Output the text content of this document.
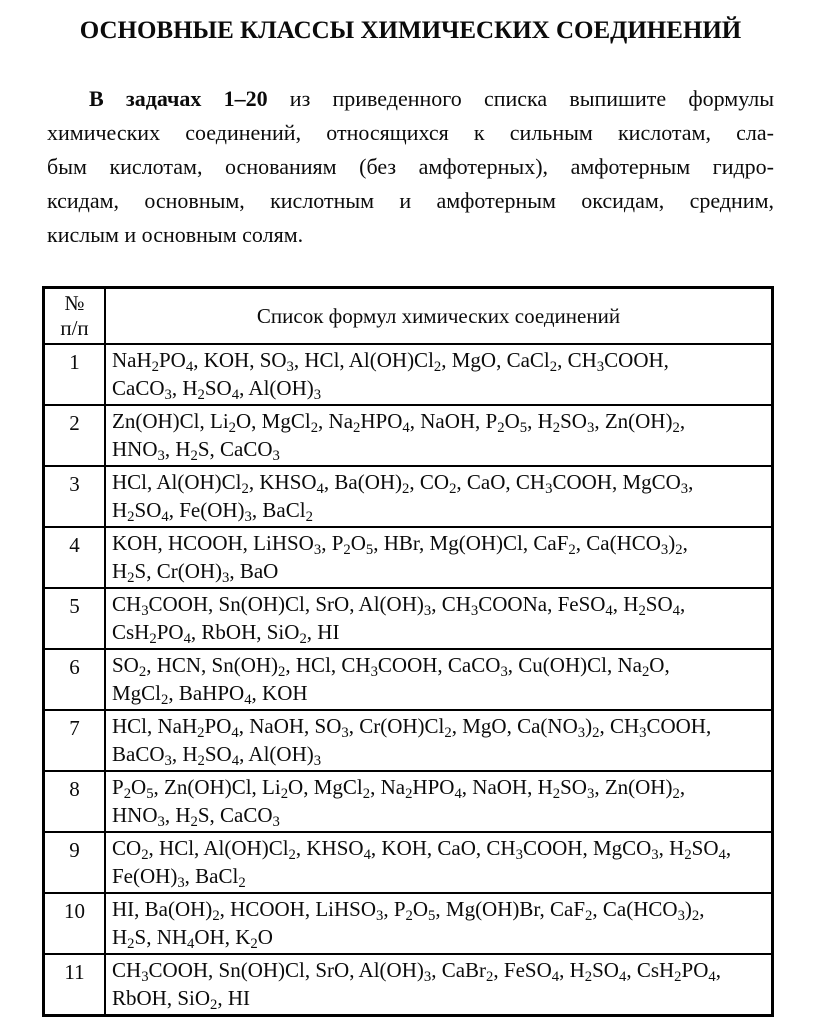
ОСНОВНЫЕ КЛАССЫ ХИМИЧЕСКИХ СОЕДИНЕНИЙ
В задачах 1–20 из приведенного списка выпишите формулы
химических соединений, относящихся к сильным кислотам, сла-
бым кислотам, основаниям (без амфотерных), амфотерным гидро-
ксидам, основным, кислотным и амфотерным оксидам, средним,
кислым и основным солям.
№
п/п	Список формул химических соединений
1	$NaH_2PO_4$, KOH, $SO_3$, HCl, $Al(OH)Cl_2$, MgO, CaCl$_2$, $CH_3COOH$,
CaCO$_3$, $H_2SO_4$, $Al(OH)_3$

2	Zn(OH)Cl, $Li_2O$, MgCl$_2$, $Na_2HPO_4$, NaOH, $P_2O_5$, $H_2SO_3$, $Zn(OH)_2$,
$HNO_3$, $H_2S$, CaCO$_3$

3	HCl, $Al(OH)Cl_2$, $KHSO_4$, $Ba(OH)_2$, $CO_2$, CaO, $CH_3COOH$, MgCO$_3$,
$H_2SO_4$, $Fe(OH)_3$, BaCl$_2$

4	KOH, HCOOH, LiHSO$_3$, $P_2O_5$, HBr, Mg(OH)Cl, CaF$_2$, $Ca(HCO_3)_2$,
$H_2S$, $Cr(OH)_3$, BaO

5	$CH_3COOH$, Sn(OH)Cl, SrO, $Al(OH)_3$, $CH_3COONa$, FeSO$_4$, $H_2SO_4$,
$CsH_2PO_4$, RbOH, SiO$_2$, HI

6	$SO_2$, HCN, $Sn(OH)_2$, HCl, $CH_3COOH$, CaCO$_3$, Cu(OH)Cl, $Na_2O$,
MgCl$_2$, BaHPO$_4$, KOH

7	HCl, $NaH_2PO_4$, NaOH, $SO_3$, $Cr(OH)Cl_2$, MgO, $Ca(NO_3)_2$, $CH_3COOH$,
BaCO$_3$, $H_2SO_4$, $Al(OH)_3$

8	$P_2O_5$, Zn(OH)Cl, $Li_2O$, MgCl$_2$, $Na_2HPO_4$, NaOH, $H_2SO_3$, $Zn(OH)_2$,
$HNO_3$, $H_2S$, CaCO$_3$

9	$CO_2$, HCl, $Al(OH)Cl_2$, $KHSO_4$, KOH, CaO, $CH_3COOH$, MgCO$_3$, $H_2SO_4$,
$Fe(OH)_3$, BaCl$_2$

10	HI, $Ba(OH)_2$, HCOOH, LiHSO$_3$, $P_2O_5$, Mg(OH)Br, CaF$_2$, $Ca(HCO_3)_2$,
$H_2S$, $NH_4OH$, $K_2O$

11	$CH_3COOH$, Sn(OH)Cl, SrO, $Al(OH)_3$, CaBr$_2$, FeSO$_4$, $H_2SO_4$, $CsH_2PO_4$,
RbOH, SiO$_2$, HI
